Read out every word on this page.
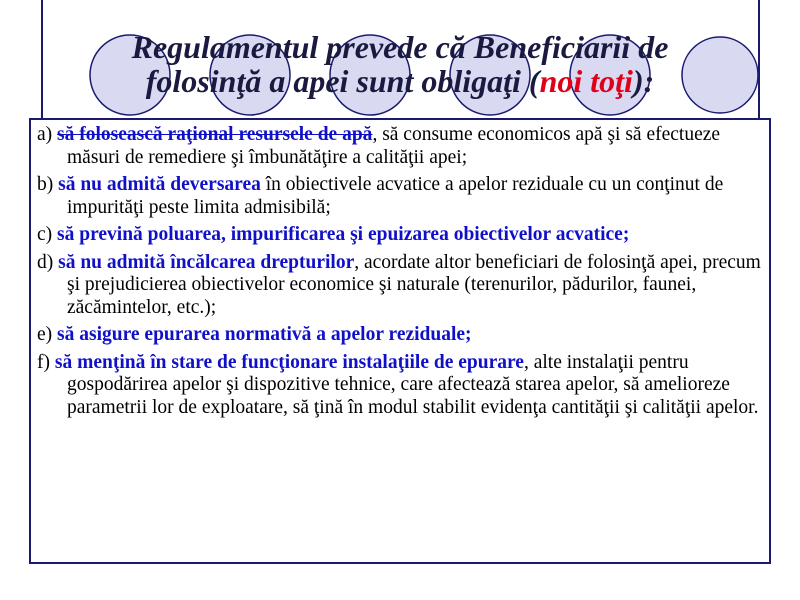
Regulamentul prevede că Beneficiarii de
folosinţă a apei sunt obligaţi (noi toţi):

a) să folosească raţional resursele de apă, să consume economicos apă şi să efectueze măsuri de remediere şi îmbunătăţire a calităţii apei;

b) să nu admită deversarea în obiectivele acvatice a apelor reziduale cu un conţinut de impurităţi peste limita admisibilă;

c) să prevină poluarea, impurificarea şi epuizarea obiectivelor acvatice;

d) să nu admită încălcarea drepturilor, acordate altor beneficiari de folosinţă apei, precum şi prejudicierea obiectivelor economice şi naturale (terenurilor, pădurilor, faunei, zăcămintelor, etc.);

e) să asigure epurarea normativă a apelor reziduale;

f) să menţină în stare de funcţionare instalaţiile de epurare, alte instalaţii pentru gospodărirea apelor şi dispozitive tehnice, care afectează starea apelor, să amelioreze parametrii lor de exploatare, să ţină în modul stabilit evidenţa cantităţii şi calităţii apelor.
